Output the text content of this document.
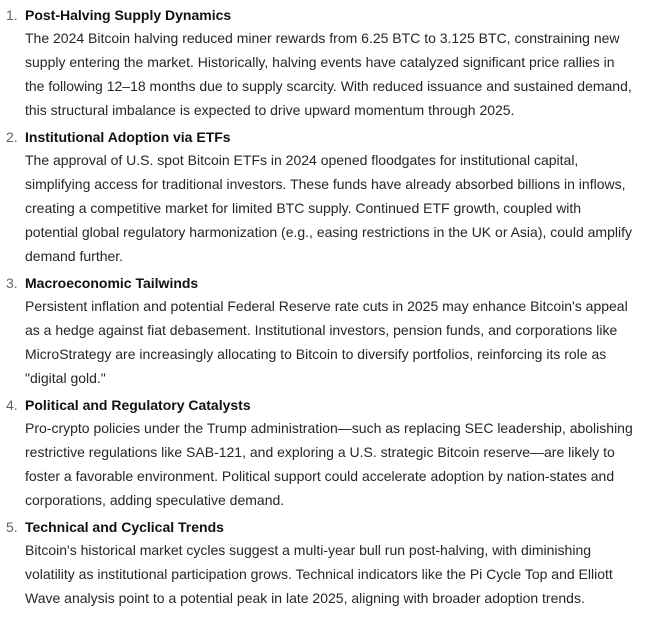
1. Post-Halving Supply Dynamics

The 2024 Bitcoin halving reduced miner rewards from 6.25 BTC to 3.125 BTC, constraining new supply entering the market. Historically, halving events have catalyzed significant price rallies in the following 12–18 months due to supply scarcity. With reduced issuance and sustained demand, this structural imbalance is expected to drive upward momentum through 2025.

2. Institutional Adoption via ETFs

The approval of U.S. spot Bitcoin ETFs in 2024 opened floodgates for institutional capital, simplifying access for traditional investors. These funds have already absorbed billions in inflows, creating a competitive market for limited BTC supply. Continued ETF growth, coupled with potential global regulatory harmonization (e.g., easing restrictions in the UK or Asia), could amplify demand further.

3. Macroeconomic Tailwinds

Persistent inflation and potential Federal Reserve rate cuts in 2025 may enhance Bitcoin's appeal as a hedge against fiat debasement. Institutional investors, pension funds, and corporations like MicroStrategy are increasingly allocating to Bitcoin to diversify portfolios, reinforcing its role as "digital gold."

4. Political and Regulatory Catalysts

Pro-crypto policies under the Trump administration—such as replacing SEC leadership, abolishing restrictive regulations like SAB-121, and exploring a U.S. strategic Bitcoin reserve—are likely to foster a favorable environment. Political support could accelerate adoption by nation-states and corporations, adding speculative demand.

5. Technical and Cyclical Trends

Bitcoin's historical market cycles suggest a multi-year bull run post-halving, with diminishing volatility as institutional participation grows. Technical indicators like the Pi Cycle Top and Elliott Wave analysis point to a potential peak in late 2025, aligning with broader adoption trends.
